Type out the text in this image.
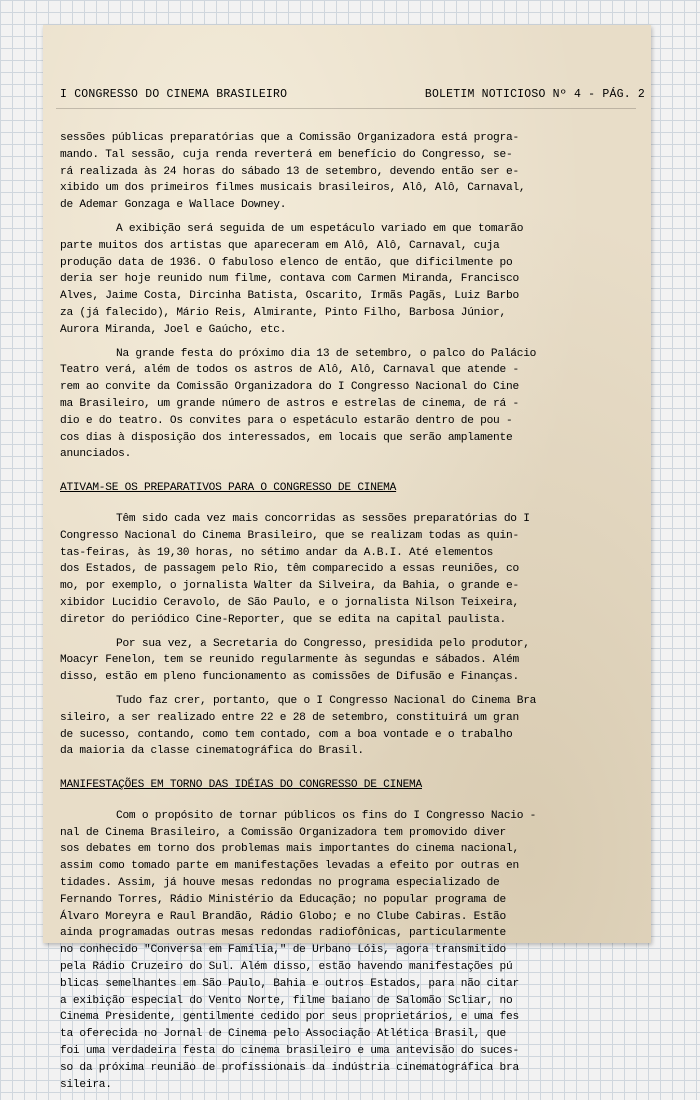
I CONGRESSO DO CINEMA BRASILEIRO	BOLETIM NOTICIOSO Nº 4 - PÁG. 2
sessões públicas preparatórias que a Comissão Organizadora está progra-
mando. Tal sessão, cuja renda reverterá em benefício do Congresso, se-
rá realizada às 24 horas do sábado 13 de setembro, devendo então ser e-
xibido um dos primeiros filmes musicais brasileiros, Alô, Alô, Carnaval,
de Ademar Gonzaga e Wallace Downey.
A exibição será seguida de um espetáculo variado em que tomarão
parte muitos dos artistas que apareceram em Alô, Alô, Carnaval, cuja
produção data de 1936. O fabuloso elenco de então, que dificilmente po
deria ser hoje reunido num filme, contava com Carmen Miranda, Francisco
Alves, Jaime Costa, Dircinha Batista, Oscarito, Irmãs Pagãs, Luiz Barbo
za (já falecido), Mário Reis, Almirante, Pinto Filho, Barbosa Júnior,
Aurora Miranda, Joel e Gaúcho, etc.
Na grande festa do próximo dia 13 de setembro, o palco do Palácio
Teatro verá, além de todos os astros de Alô, Alô, Carnaval que atende -
rem ao convite da Comissão Organizadora do I Congresso Nacional do Cine
ma Brasileiro, um grande número de astros e estrelas de cinema, de rá -
dio e do teatro. Os convites para o espetáculo estarão dentro de pou -
cos dias à disposição dos interessados, em locais que serão amplamente
anunciados.
ATIVAM-SE OS PREPARATIVOS PARA O CONGRESSO DE CINEMA
Têm sido cada vez mais concorridas as sessões preparatórias do I
Congresso Nacional do Cinema Brasileiro, que se realizam todas as quin-
tas-feiras, às 19,30 horas, no sétimo andar da A.B.I. Até elementos
dos Estados, de passagem pelo Rio, têm comparecido a essas reuniões, co
mo, por exemplo, o jornalista Walter da Silveira, da Bahia, o grande e-
xibidor Lucidio Ceravolo, de São Paulo, e o jornalista Nilson Teixeira,
diretor do periódico Cine-Reporter, que se edita na capital paulista.
Por sua vez, a Secretaria do Congresso, presidida pelo produtor,
Moacyr Fenelon, tem se reunido regularmente às segundas e sábados. Além
disso, estão em pleno funcionamento as comissões de Difusão e Finanças.
Tudo faz crer, portanto, que o I Congresso Nacional do Cinema Bra
sileiro, a ser realizado entre 22 e 28 de setembro, constituirá um gran
de sucesso, contando, como tem contado, com a boa vontade e o trabalho
da maioria da classe cinematográfica do Brasil.
MANIFESTAÇÕES EM TORNO DAS IDÉIAS DO CONGRESSO DE CINEMA
Com o propósito de tornar públicos os fins do I Congresso Nacio -
nal de Cinema Brasileiro, a Comissão Organizadora tem promovido diver
sos debates em torno dos problemas mais importantes do cinema nacional,
assim como tomado parte em manifestações levadas a efeito por outras en
tidades. Assim, já houve mesas redondas no programa especializado de
Fernando Torres, Rádio Ministério da Educação; no popular programa de
Álvaro Moreyra e Raul Brandão, Rádio Globo; e no Clube Cabiras. Estão
ainda programadas outras mesas redondas radiofônicas, particularmente
no conhecido "Conversa em Família," de Urbano Lóis, agora transmitido
pela Rádio Cruzeiro do Sul. Além disso, estão havendo manifestações pú
blicas semelhantes em São Paulo, Bahia e outros Estados, para não citar
a exibição especial do Vento Norte, filme baiano de Salomão Scliar, no
Cinema Presidente, gentilmente cedido por seus proprietários, e uma fes
ta oferecida no Jornal de Cinema pelo Associação Atlética Brasil, que
foi uma verdadeira festa do cinema brasileiro e uma antevisão do suces-
so da próxima reunião de profissionais da indústria cinematográfica bra
sileira.
